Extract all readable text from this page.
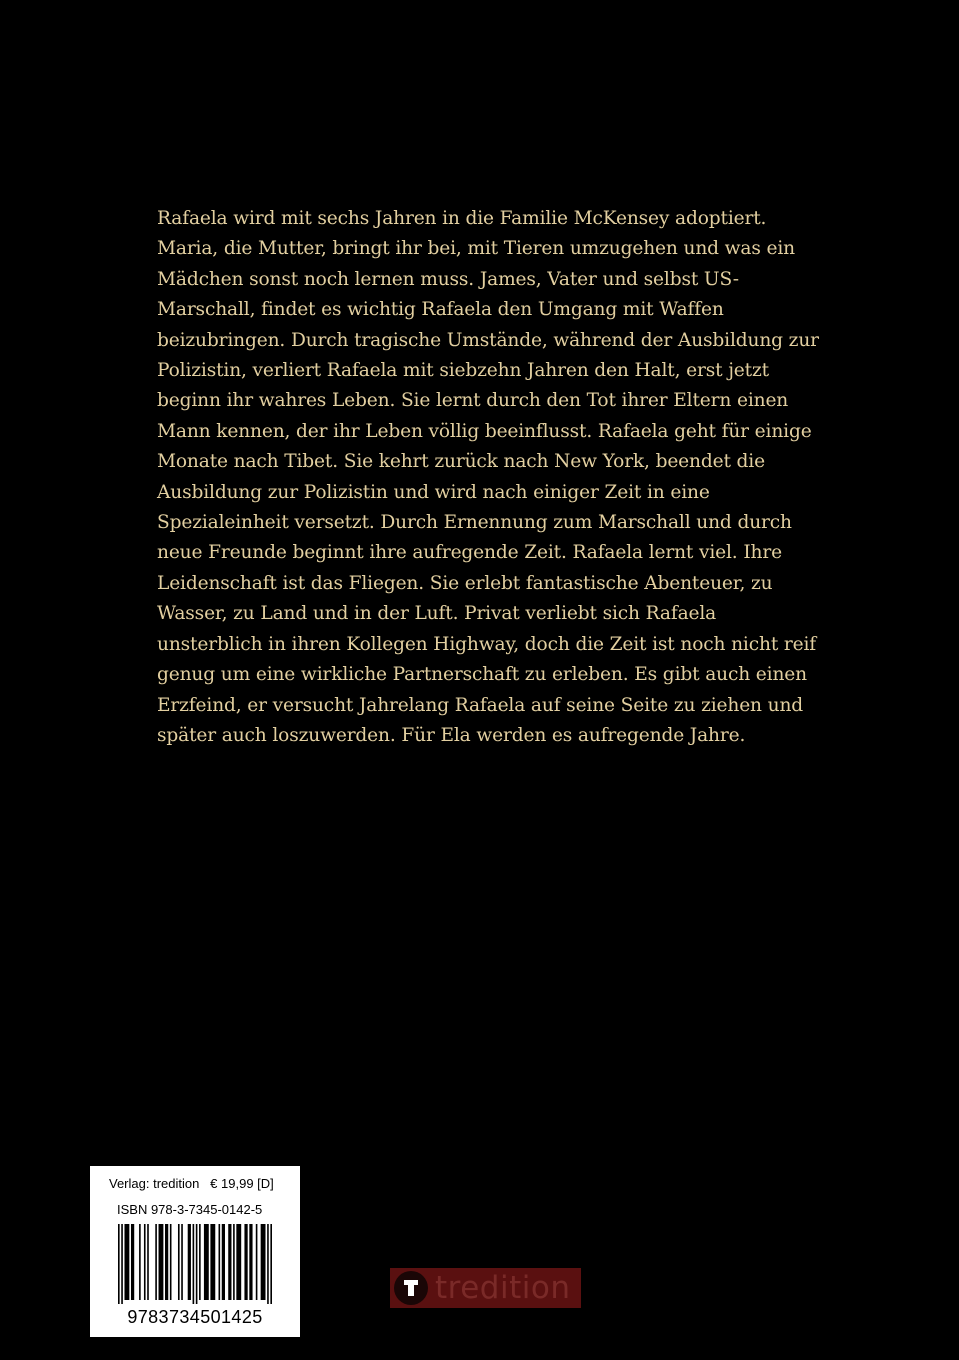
Rafaela wird mit sechs Jahren in die Familie McKensey adoptiert.
Maria, die Mutter, bringt ihr bei, mit Tieren umzugehen und was ein
Mädchen sonst noch lernen muss. James, Vater und selbst US-
Marschall, findet es wichtig Rafaela den Umgang mit Waffen
beizubringen. Durch tragische Umstände, während der Ausbildung zur
Polizistin, verliert Rafaela mit siebzehn Jahren den Halt, erst jetzt
beginn ihr wahres Leben. Sie lernt durch den Tot ihrer Eltern einen
Mann kennen, der ihr Leben völlig beeinflusst. Rafaela geht für einige
Monate nach Tibet. Sie kehrt zurück nach New York, beendet die
Ausbildung zur Polizistin und wird nach einiger Zeit in eine
Spezialeinheit versetzt. Durch Ernennung zum Marschall und durch
neue Freunde beginnt ihre aufregende Zeit. Rafaela lernt viel. Ihre
Leidenschaft ist das Fliegen. Sie erlebt fantastische Abenteuer, zu
Wasser, zu Land und in der Luft. Privat verliebt sich Rafaela
unsterblich in ihren Kollegen Highway, doch die Zeit ist noch nicht reif
genug um eine wirkliche Partnerschaft zu erleben. Es gibt auch einen
Erzfeind, er versucht Jahrelang Rafaela auf seine Seite zu ziehen und
später auch loszuwerden. Für Ela werden es aufregende Jahre.
Verlag: tredition   € 19,99 [D]
ISBN 978-3-7345-0142-5
9783734501425
tredition
